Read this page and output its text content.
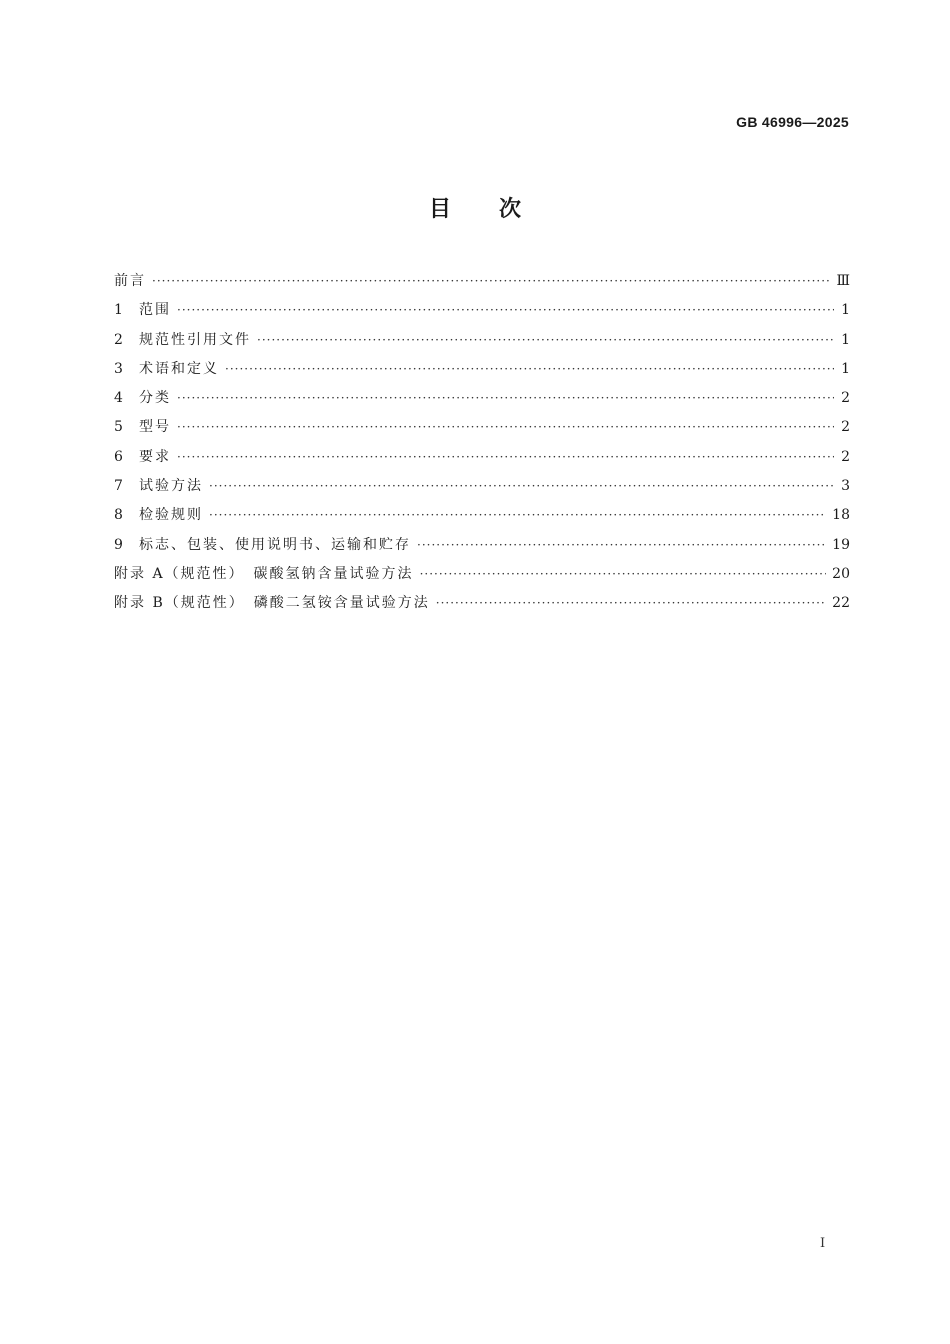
GB 46996—2025
目次
前言 ·····	Ⅲ
1	范围 ·····	1
2	规范性引用文件 ·····	1
3	术语和定义 ·····	1
4	分类 ·····	2
5	型号 ·····	2
6	要求 ·····	2
7	试验方法 ·····	3
8	检验规则 ·····	18
9	标志、包装、使用说明书、运输和贮存 ·····	19
附录 A（规范性）　碳酸氢钠含量试验方法 ·····	20
附录 B（规范性）　磷酸二氢铵含量试验方法 ·····	22
I
